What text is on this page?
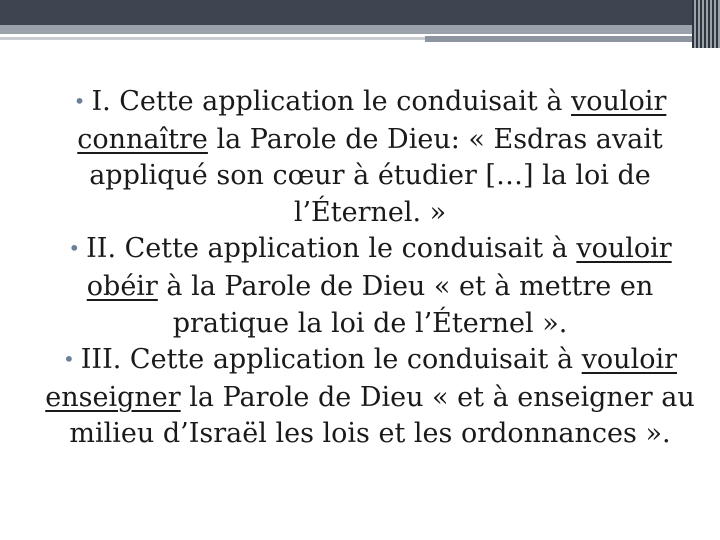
• I. Cette application le conduisait à vouloir connaître la Parole de Dieu: « Esdras avait appliqué son cœur à étudier […] la loi de l’Éternel. »

• II. Cette application le conduisait à vouloir obéir à la Parole de Dieu « et à mettre en pratique la loi de l’Éternel ».

• III. Cette application le conduisait à vouloir enseigner la Parole de Dieu « et à enseigner au milieu d’Israël les lois et les ordonnances ».
